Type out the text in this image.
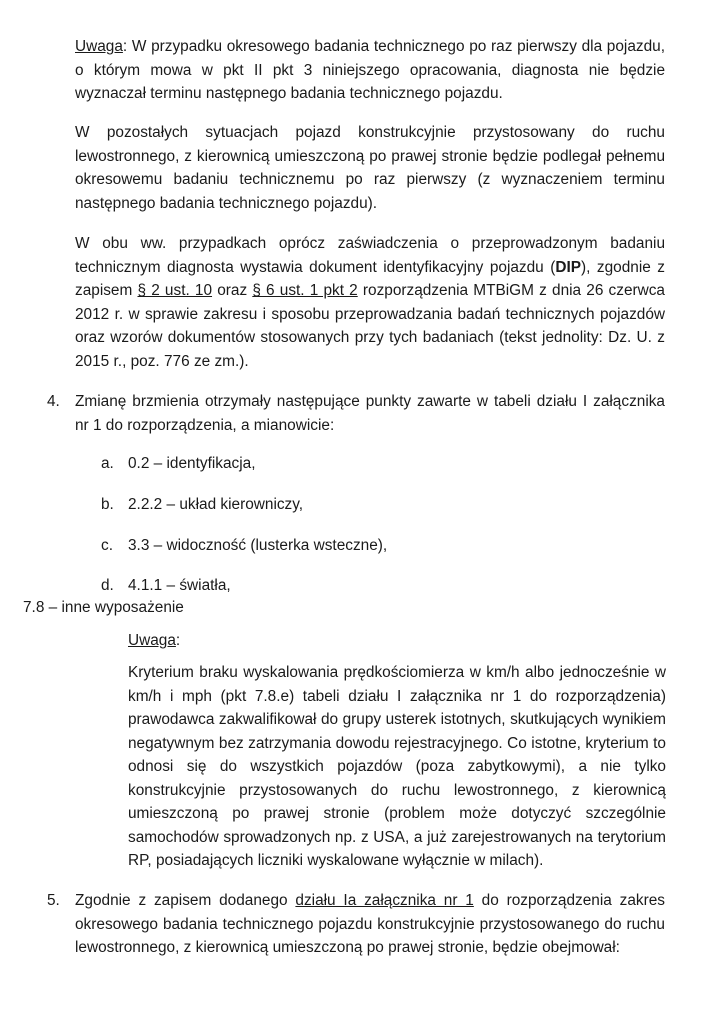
Uwaga: W przypadku okresowego badania technicznego po raz pierwszy dla pojazdu, o którym mowa w pkt II pkt 3 niniejszego opracowania, diagnosta nie będzie wyznaczał terminu następnego badania technicznego pojazdu.

W pozostałych sytuacjach pojazd konstrukcyjnie przystosowany do ruchu lewostronnego, z kierownicą umieszczoną po prawej stronie będzie podlegał pełnemu okresowemu badaniu technicznemu po raz pierwszy (z wyznaczeniem terminu następnego badania technicznego pojazdu).

W obu ww. przypadkach oprócz zaświadczenia o przeprowadzonym badaniu technicznym diagnosta wystawia dokument identyfikacyjny pojazdu (DIP), zgodnie z zapisem § 2 ust. 10 oraz § 6 ust. 1 pkt 2 rozporządzenia MTBiGM z dnia 26 czerwca 2012 r. w sprawie zakresu i sposobu przeprowadzania badań technicznych pojazdów oraz wzorów dokumentów stosowanych przy tych badaniach (tekst jednolity: Dz. U. z 2015 r., poz. 776 ze zm.).

4. Zmianę brzmienia otrzymały następujące punkty zawarte w tabeli działu I załącznika nr 1 do rozporządzenia, a mianowicie:

a. 0.2 – identyfikacja,
b. 2.2.2 – układ kierowniczy,
c. 3.3 – widoczność (lusterka wsteczne),
d. 4.1.1 – światła,
7.8 – inne wyposażenie
Uwaga:

Kryterium braku wyskalowania prędkościomierza w km/h albo jednocześnie w km/h i mph (pkt 7.8.e) tabeli działu I załącznika nr 1 do rozporządzenia) prawodawca zakwalifikował do grupy usterek istotnych, skutkujących wynikiem negatywnym bez zatrzymania dowodu rejestracyjnego. Co istotne, kryterium to odnosi się do wszystkich pojazdów (poza zabytkowymi), a nie tylko konstrukcyjnie przystosowanych do ruchu lewostronnego, z kierownicą umieszczoną po prawej stronie (problem może dotyczyć szczególnie samochodów sprowadzonych np. z USA, a już zarejestrowanych na terytorium RP, posiadających liczniki wyskalowane wyłącznie w milach).

5. Zgodnie z zapisem dodanego działu Ia załącznika nr 1 do rozporządzenia zakres okresowego badania technicznego pojazdu konstrukcyjnie przystosowanego do ruchu lewostronnego, z kierownicą umieszczoną po prawej stronie, będzie obejmował:
